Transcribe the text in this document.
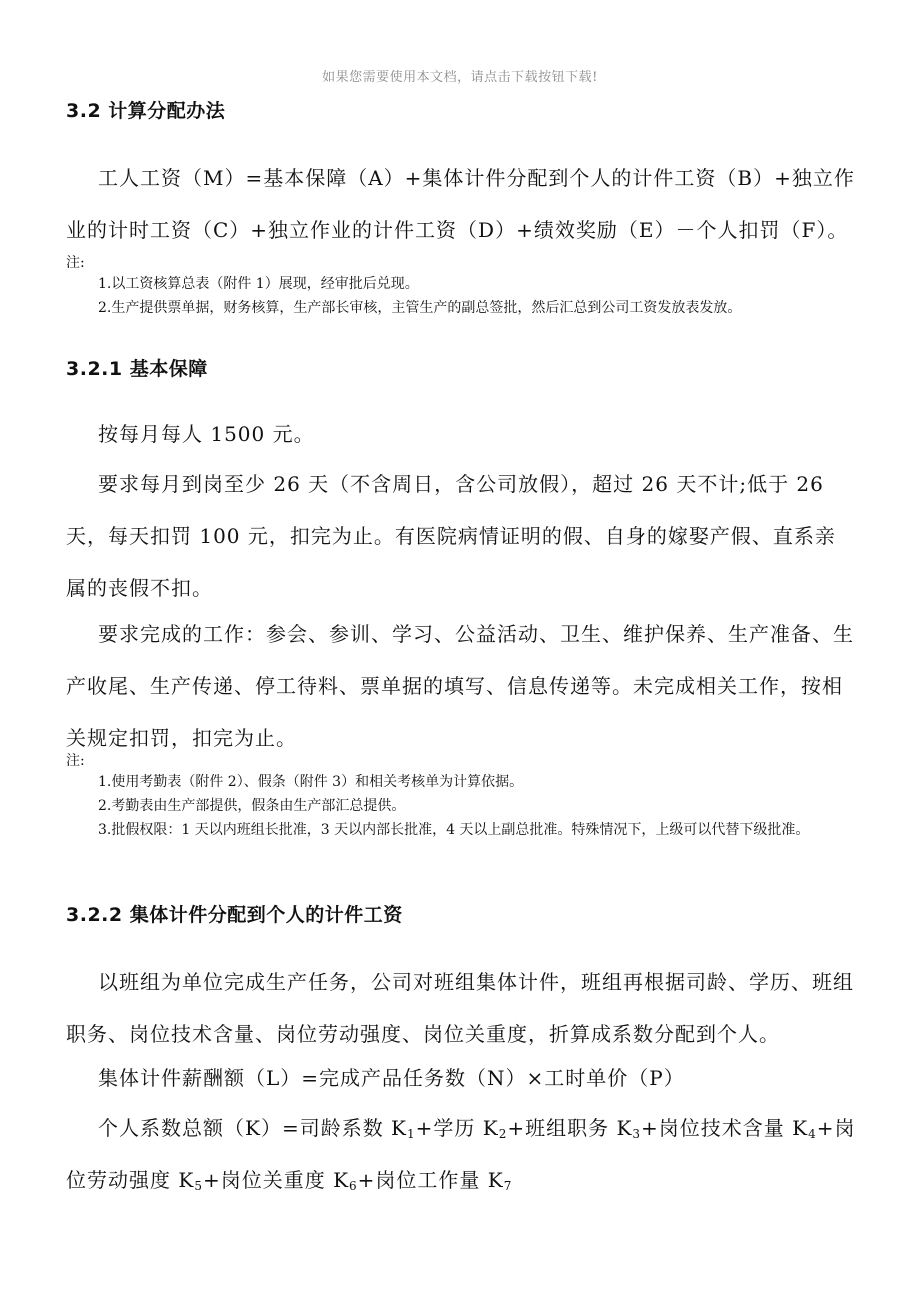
如果您需要使用本文档，请点击下载按钮下载!
3.2 计算分配办法

工人工资（M）=基本保障（A）+集体计件分配到个人的计件工资（B）+独立作业的计时工资（C）+独立作业的计件工资（D）+绩效奖励（E）－个人扣罚（F）。

注:

1.以工资核算总表（附件 1）展现，经审批后兑现。

2.生产提供票单据，财务核算，生产部长审核，主管生产的副总签批，然后汇总到公司工资发放表发放。

3.2.1 基本保障

按每月每人 1500 元。

要求每月到岗至少 26 天（不含周日，含公司放假），超过 26 天不计;低于 26 天，每天扣罚 100 元，扣完为止。有医院病情证明的假、自身的嫁娶产假、直系亲属的丧假不扣。

要求完成的工作：参会、参训、学习、公益活动、卫生、维护保养、生产准备、生产收尾、生产传递、停工待料、票单据的填写、信息传递等。未完成相关工作，按相关规定扣罚，扣完为止。

注:

1.使用考勤表（附件 2）、假条（附件 3）和相关考核单为计算依据。

2.考勤表由生产部提供，假条由生产部汇总提供。

3.批假权限：1 天以内班组长批准，3 天以内部长批准，4 天以上副总批准。特殊情况下，上级可以代替下级批准。

3.2.2 集体计件分配到个人的计件工资

以班组为单位完成生产任务，公司对班组集体计件，班组再根据司龄、学历、班组职务、岗位技术含量、岗位劳动强度、岗位关重度，折算成系数分配到个人。

集体计件薪酬额（L）=完成产品任务数（N）×工时单价（P）

个人系数总额（K）=司龄系数 $K_1+$学历 $K_2+$班组职务 $K_3+$岗位技术含量 $K_4+$岗位劳动强度 $K_5+$岗位关重度 $K_6+$岗位工作量 $K_7$
